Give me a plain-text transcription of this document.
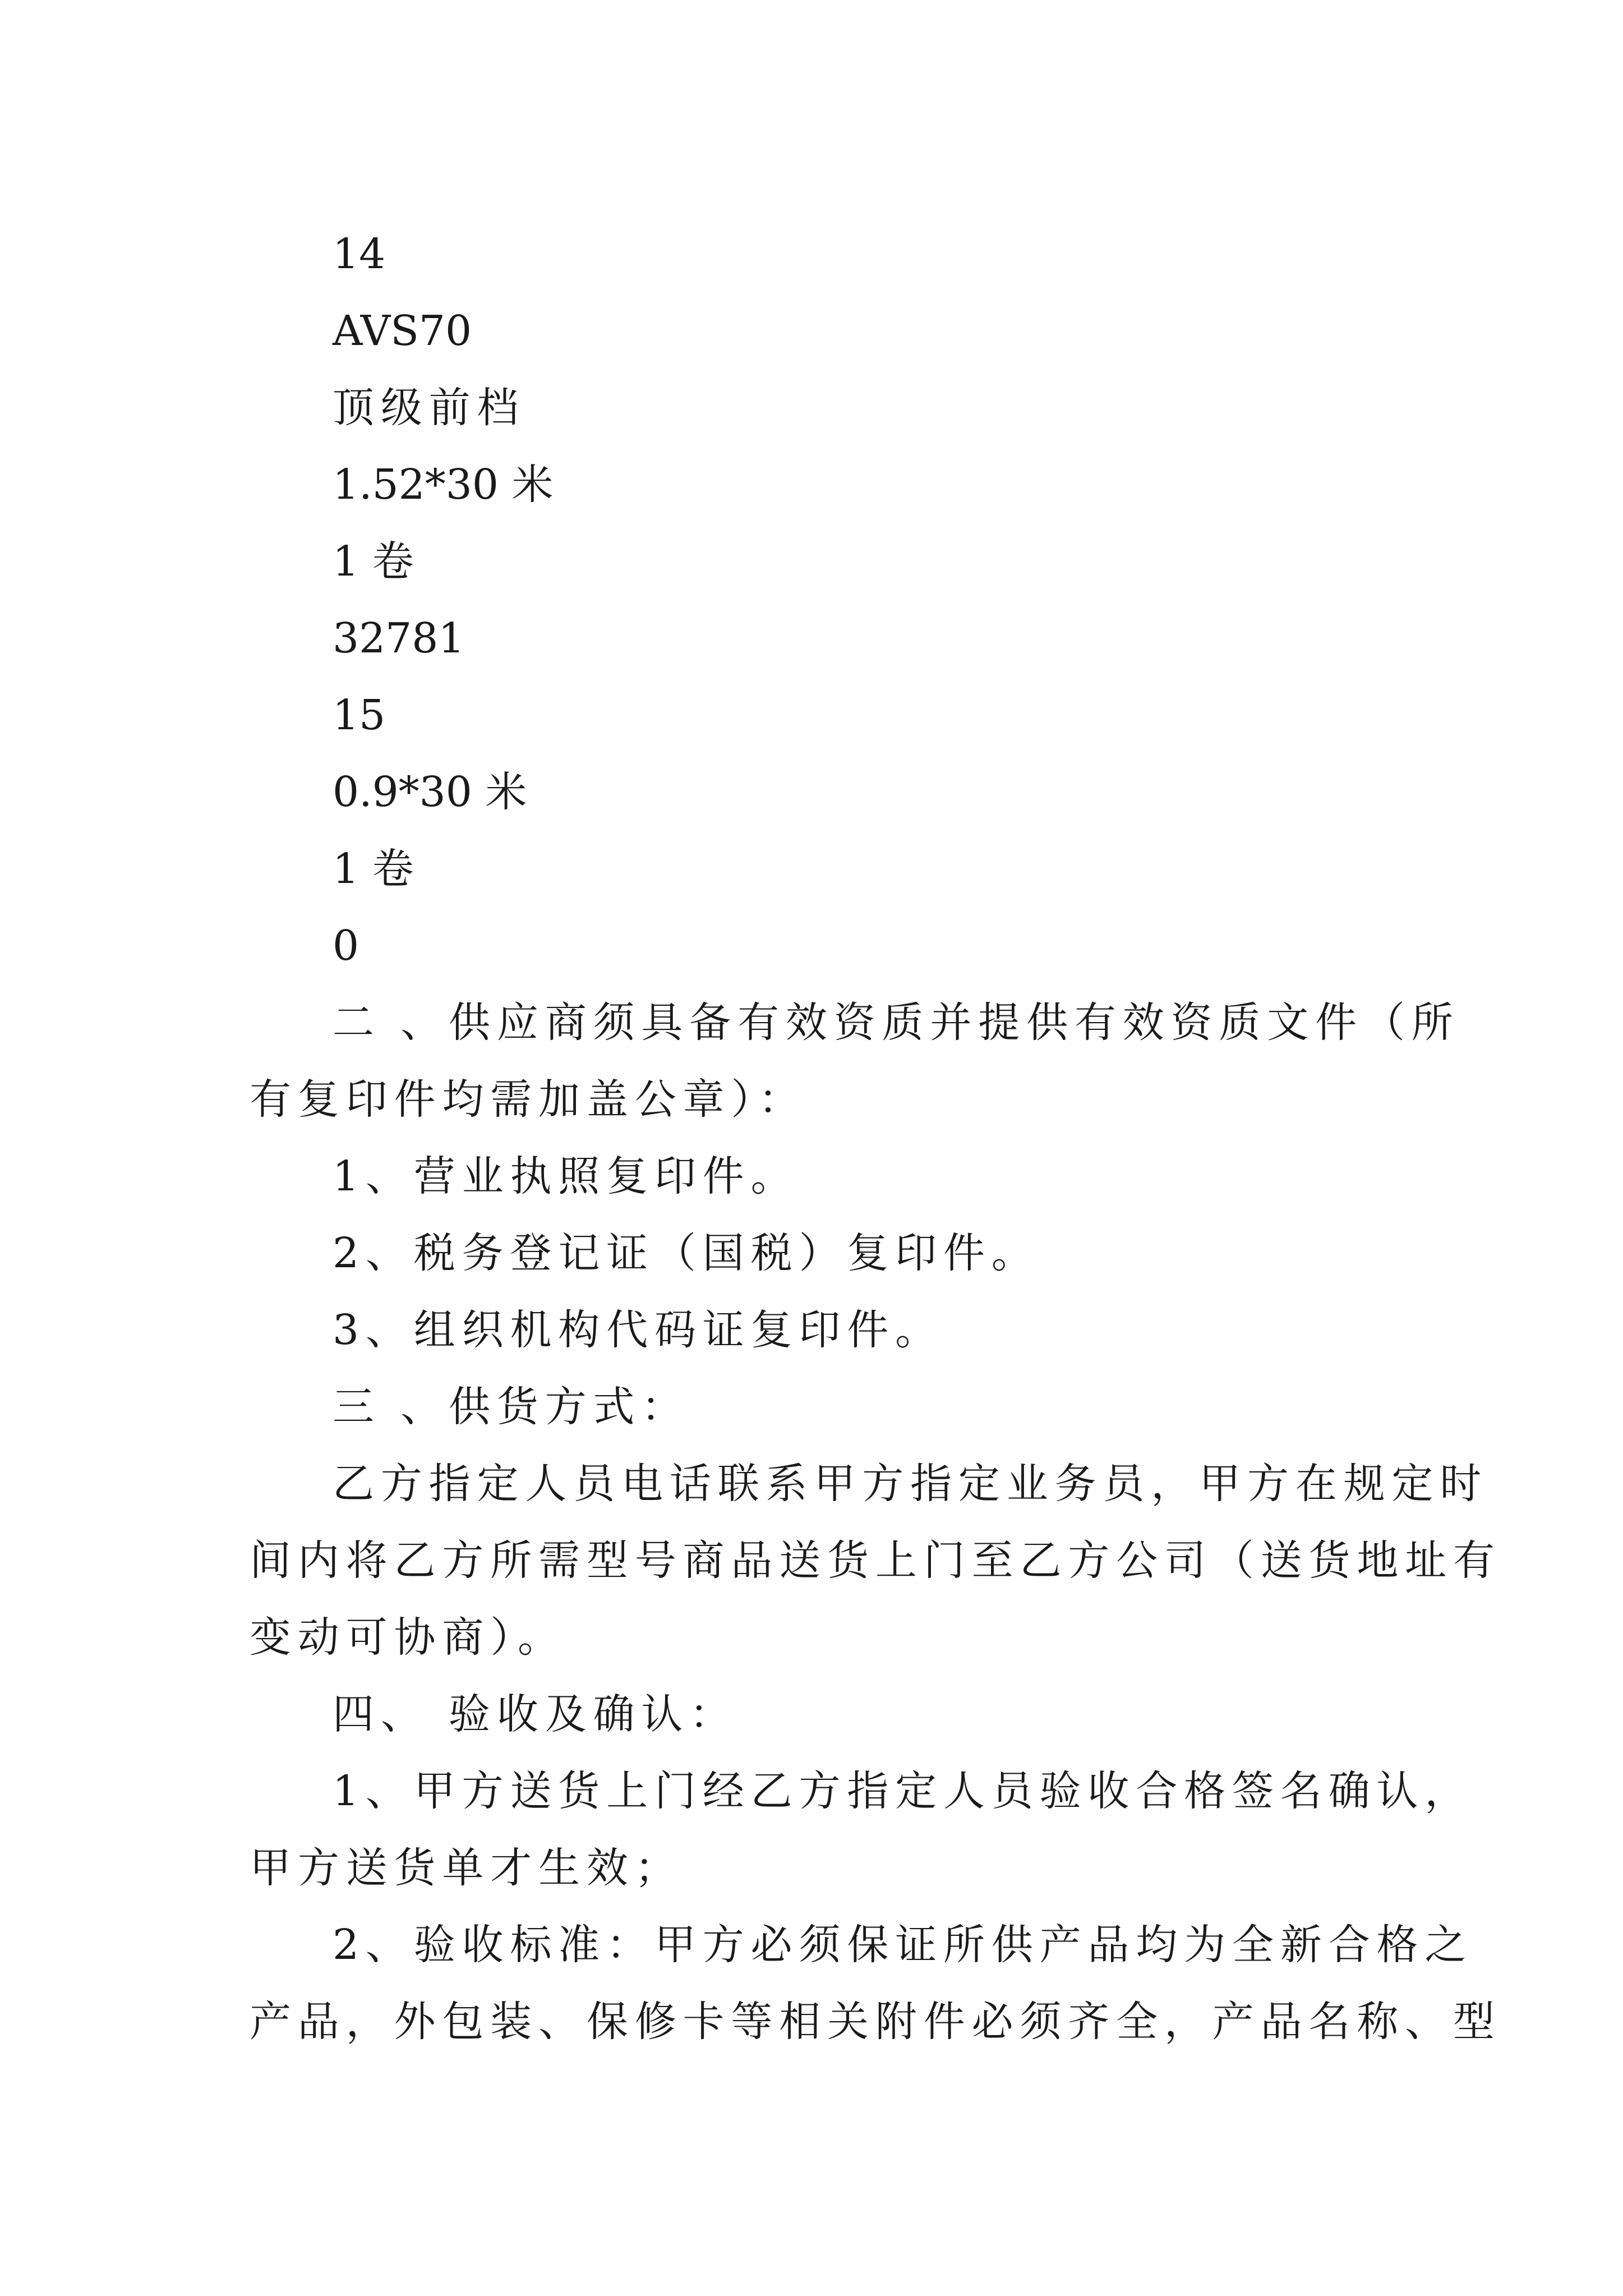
14
AVS70
顶级前档
1.52*30 米
1 卷
32781
15
0.9*30 米
1 卷
0
二 、供应商须具备有效资质并提供有效资质文件（所
有复印件均需加盖公章）：
1、营业执照复印件。
2、税务登记证（国税）复印件。
3、组织机构代码证复印件。
三 、供货方式：
乙方指定人员电话联系甲方指定业务员，甲方在规定时
间内将乙方所需型号商品送货上门至乙方公司（送货地址有
变动可协商）。
四、 验收及确认：
1、甲方送货上门经乙方指定人员验收合格签名确认，
甲方送货单才生效；
2、验收标准：甲方必须保证所供产品均为全新合格之
产品，外包装、保修卡等相关附件必须齐全，产品名称、型
